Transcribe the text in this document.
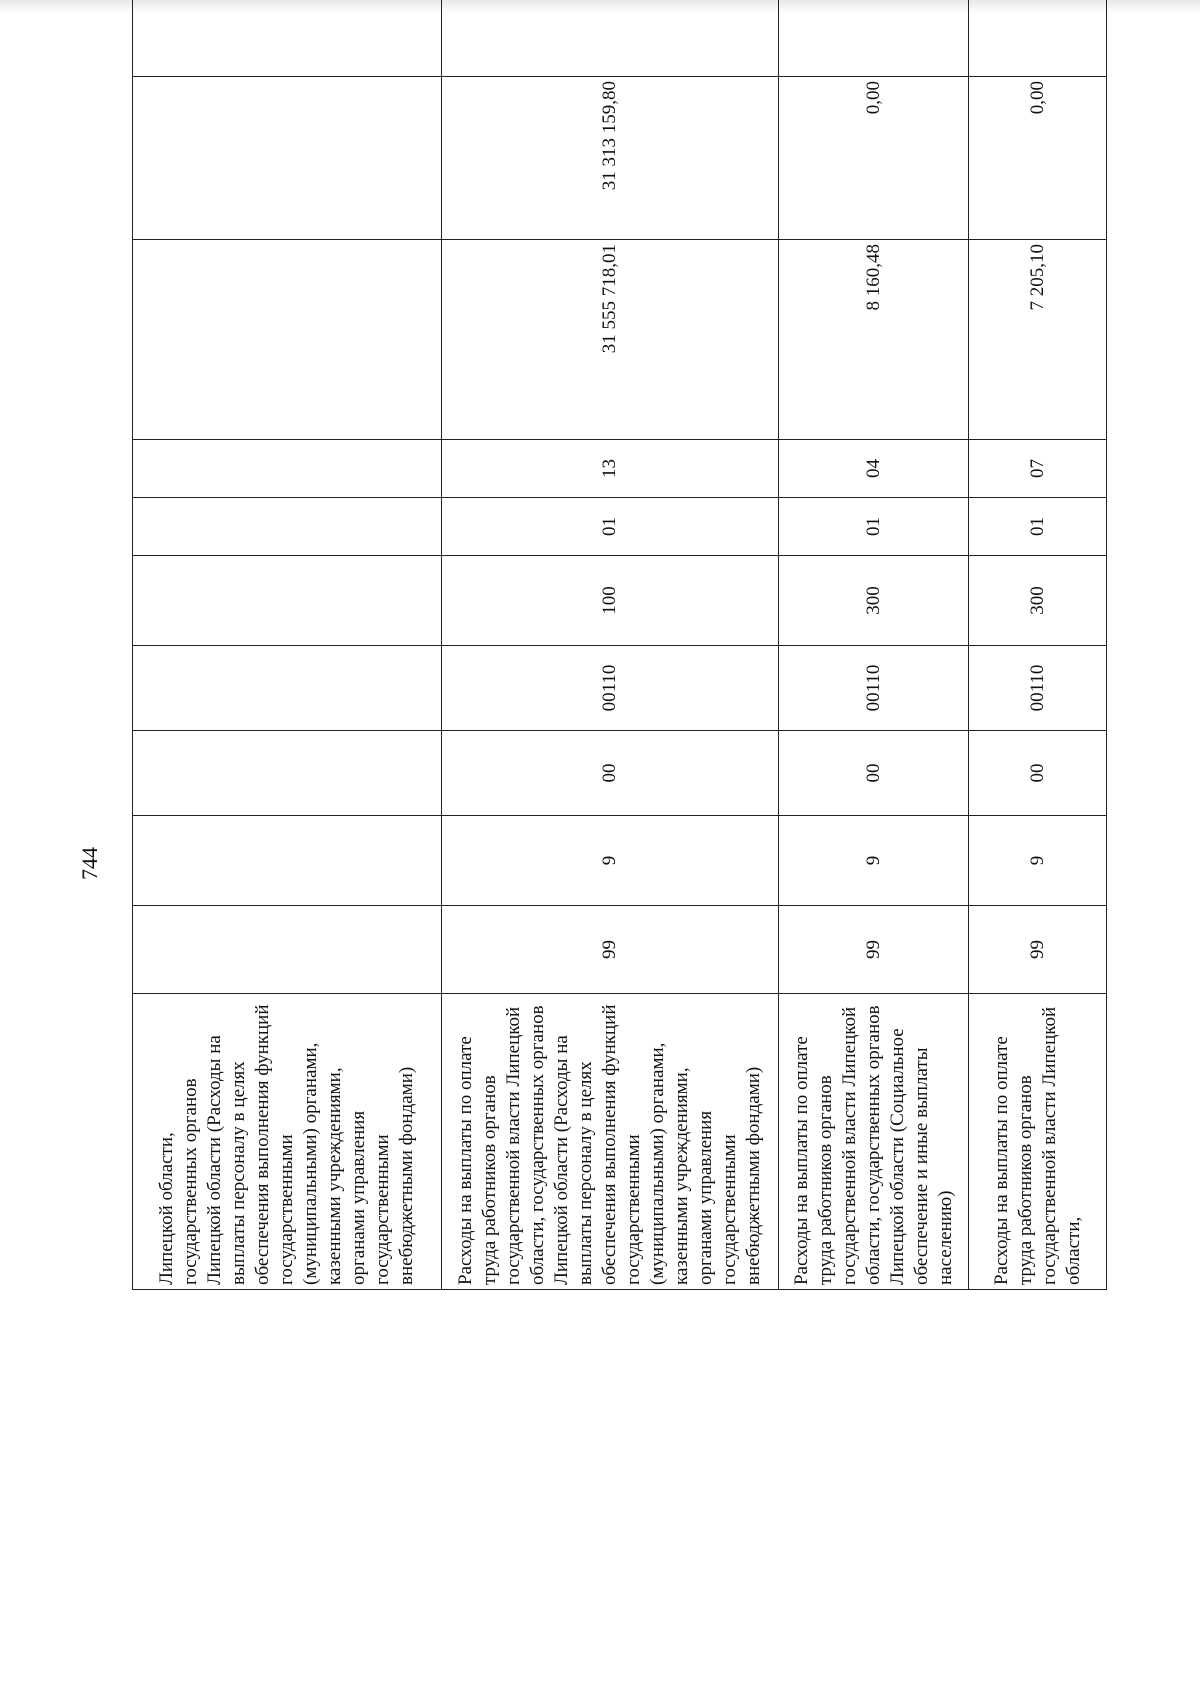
744
Липецкой области, государственных органов Липецкой области (Расходы на выплаты персоналу в целях обеспечения выполнения функций государственными (муниципальными) органами, казенными учреждениями, органами управления государственными внебюджетными фондами)										
Расходы на выплаты по оплате труда работников органов государственной власти Липецкой области, государственных органов Липецкой области (Расходы на выплаты персоналу в целях обеспечения выполнения функций государственными (муниципальными) органами, казенными учреждениями, органами управления государственными внебюджетными фондами)	99	9	00	00110	100	01	13	31 555 718,01	31 313 159,80	
Расходы на выплаты по оплате труда работников органов государственной власти Липецкой области, государственных органов Липецкой области (Социальное обеспечение и иные выплаты населению)	99	9	00	00110	300	01	04	8 160,48	0,00	
Расходы на выплаты по оплате труда работников органов государственной власти Липецкой области,	99	9	00	00110	300	01	07	7 205,10	0,00	
